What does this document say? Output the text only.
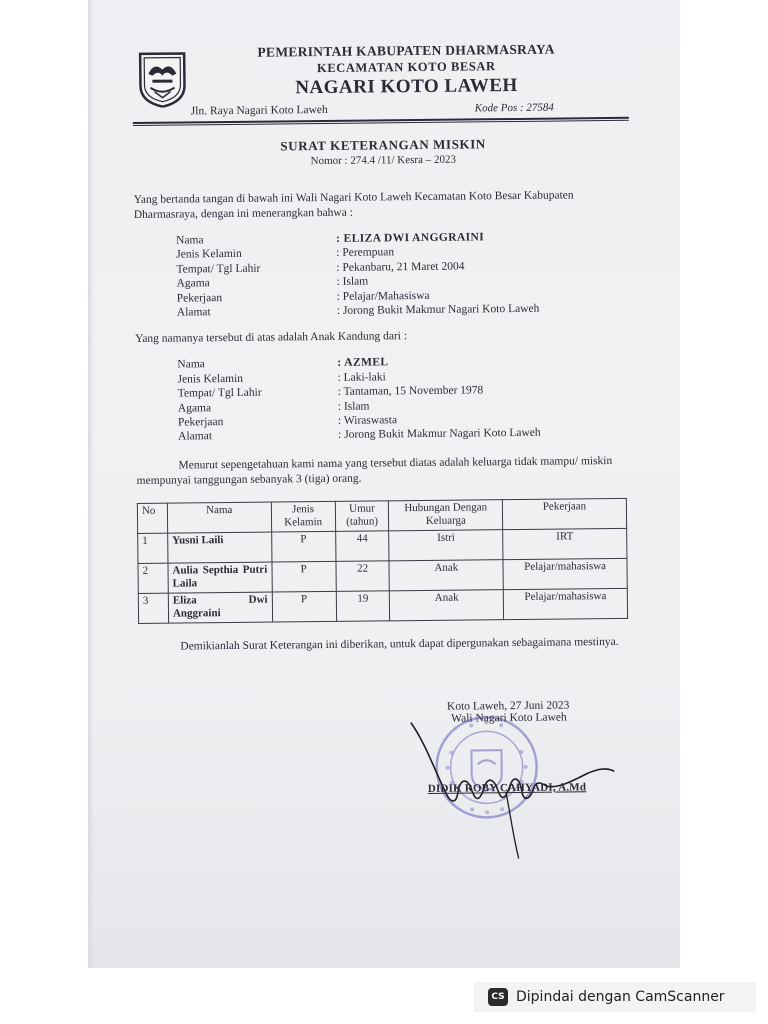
PEMERINTAH KABUPATEN DHARMASRAYA
KECAMATAN KOTO BESAR
NAGARI KOTO LAWEH
Jln. Raya Nagari Koto Laweh	Kode Pos : 27584
SURAT KETERANGAN MISKIN
Nomor : 274.4 /11/ Kesra – 2023

Yang bertanda tangan di bawah ini Wali Nagari Koto Laweh Kecamatan Koto Besar Kabupaten Dharmasraya, dengan ini menerangkan bahwa :

Nama	: ELIZA DWI ANGGRAINI
Jenis Kelamin	: Perempuan
Tempat/ Tgl Lahir	: Pekanbaru, 21 Maret 2004
Agama	: Islam
Pekerjaan	: Pelajar/Mahasiswa
Alamat	: Jorong Bukit Makmur Nagari Koto Laweh

Yang namanya tersebut di atas adalah Anak Kandung dari :

Nama	: AZMEL
Jenis Kelamin	: Laki-laki
Tempat/ Tgl Lahir	: Tantaman, 15 November 1978
Agama	: Islam
Pekerjaan	: Wiraswasta
Alamat	: Jorong Bukit Makmur Nagari Koto Laweh

Menurut sepengetahuan kami nama yang tersebut diatas adalah keluarga tidak mampu/ miskin mempunyai tanggungan sebanyak 3 (tiga) orang.

No	Nama	Jenis Kelamin	Umur (tahun)	Hubungan Dengan Keluarga	Pekerjaan
1	Yusni Laili	P	44	Istri	IRT
2	Aulia Septhia Putri Laila	P	22	Anak	Pelajar/mahasiswa
3	Eliza Dwi Anggraini	P	19	Anak	Pelajar/mahasiswa

Demikianlah Surat Keterangan ini diberikan, untuk dapat dipergunakan sebagaimana mestinya.

Koto Laweh, 27 Juni 2023
Wali Nagari Koto Laweh
DIDIK ROBY CAHYADI, A.Md
CS Dipindai dengan CamScanner
